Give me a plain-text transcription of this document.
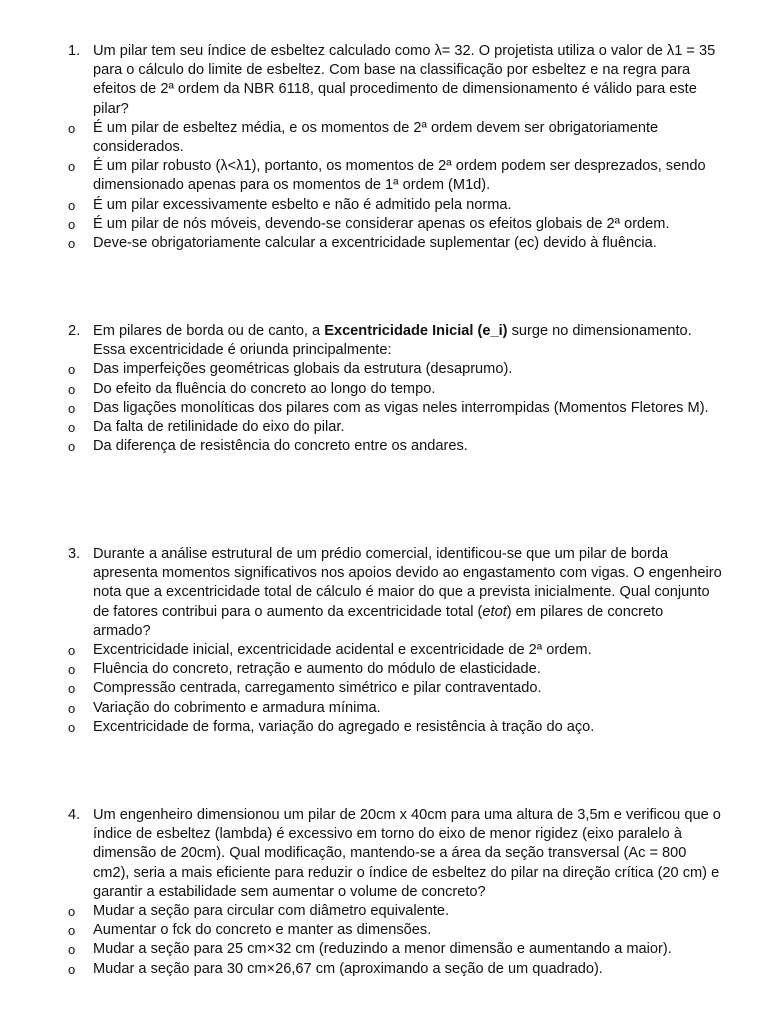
1. Um pilar tem seu índice de esbeltez calculado como λ= 32. O projetista utiliza o valor de λ1 = 35 para o cálculo do limite de esbeltez. Com base na classificação por esbeltez e na regra para efeitos de 2ª ordem da NBR 6118, qual procedimento de dimensionamento é válido para este pilar?
o É um pilar de esbeltez média, e os momentos de 2ª ordem devem ser obrigatoriamente considerados.
o É um pilar robusto (λ<λ1), portanto, os momentos de 2ª ordem podem ser desprezados, sendo dimensionado apenas para os momentos de 1ª ordem (M1d).
o É um pilar excessivamente esbelto e não é admitido pela norma.
o É um pilar de nós móveis, devendo-se considerar apenas os efeitos globais de 2ª ordem.
o Deve-se obrigatoriamente calcular a excentricidade suplementar (ec) devido à fluência.
2. Em pilares de borda ou de canto, a Excentricidade Inicial (e_i) surge no dimensionamento. Essa excentricidade é oriunda principalmente:
o Das imperfeições geométricas globais da estrutura (desaprumo).
o Do efeito da fluência do concreto ao longo do tempo.
o Das ligações monolíticas dos pilares com as vigas neles interrompidas (Momentos Fletores M).
o Da falta de retilinidade do eixo do pilar.
o Da diferença de resistência do concreto entre os andares.
3. Durante a análise estrutural de um prédio comercial, identificou-se que um pilar de borda apresenta momentos significativos nos apoios devido ao engastamento com vigas. O engenheiro nota que a excentricidade total de cálculo é maior do que a prevista inicialmente. Qual conjunto de fatores contribui para o aumento da excentricidade total (etot) em pilares de concreto armado?
o Excentricidade inicial, excentricidade acidental e excentricidade de 2ª ordem.
o Fluência do concreto, retração e aumento do módulo de elasticidade.
o Compressão centrada, carregamento simétrico e pilar contraventado.
o Variação do cobrimento e armadura mínima.
o Excentricidade de forma, variação do agregado e resistência à tração do aço.
4. Um engenheiro dimensionou um pilar de 20cm x 40cm para uma altura de 3,5m e verificou que o índice de esbeltez (lambda) é excessivo em torno do eixo de menor rigidez (eixo paralelo à dimensão de 20cm). Qual modificação, mantendo-se a área da seção transversal (Ac = 800 cm2), seria a mais eficiente para reduzir o índice de esbeltez do pilar na direção crítica (20 cm) e garantir a estabilidade sem aumentar o volume de concreto?
o Mudar a seção para circular com diâmetro equivalente.
o Aumentar o fck do concreto e manter as dimensões.
o Mudar a seção para 25 cm×32 cm (reduzindo a menor dimensão e aumentando a maior).
o Mudar a seção para 30 cm×26,67 cm (aproximando a seção de um quadrado).
